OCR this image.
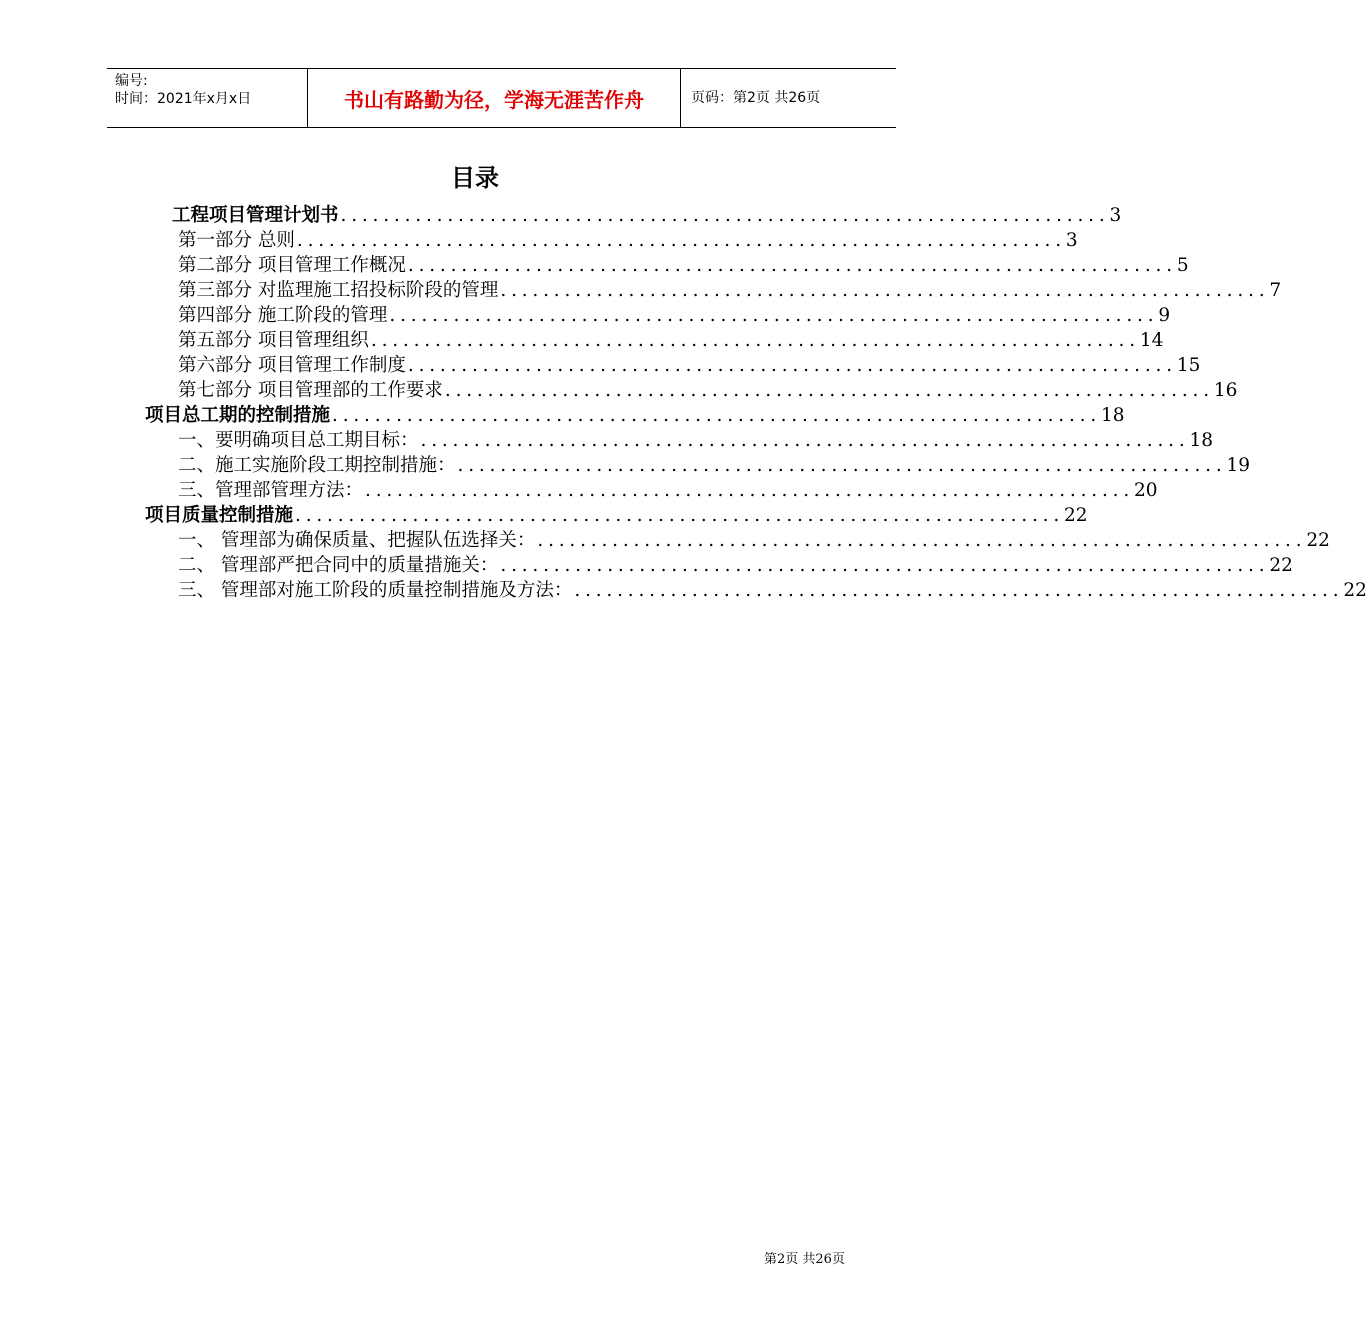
编号:
时间：2021年x月x日	书山有路勤为径，学海无涯苦作舟	页码：第2页 共26页
目录
工程项目管理计划书 ........................................................................ 3
第一部分 总则 ........................................................................ 3
第二部分 项目管理工作概况 ........................................................................ 5
第三部分 对监理施工招投标阶段的管理 ........................................................................ 7
第四部分 施工阶段的管理 ........................................................................ 9
第五部分 项目管理组织 ........................................................................ 14
第六部分 项目管理工作制度 ........................................................................ 15
第七部分 项目管理部的工作要求 ........................................................................ 16
项目总工期的控制措施 ........................................................................ 18
一、要明确项目总工期目标： ........................................................................ 18
二、施工实施阶段工期控制措施： ........................................................................ 19
三、管理部管理方法： ........................................................................ 20
项目质量控制措施 ........................................................................ 22
一、 管理部为确保质量、把握队伍选择关： ........................................................................ 22
二、 管理部严把合同中的质量措施关： ........................................................................ 22
三、 管理部对施工阶段的质量控制措施及方法： ........................................................................ 22
第2页 共26页
